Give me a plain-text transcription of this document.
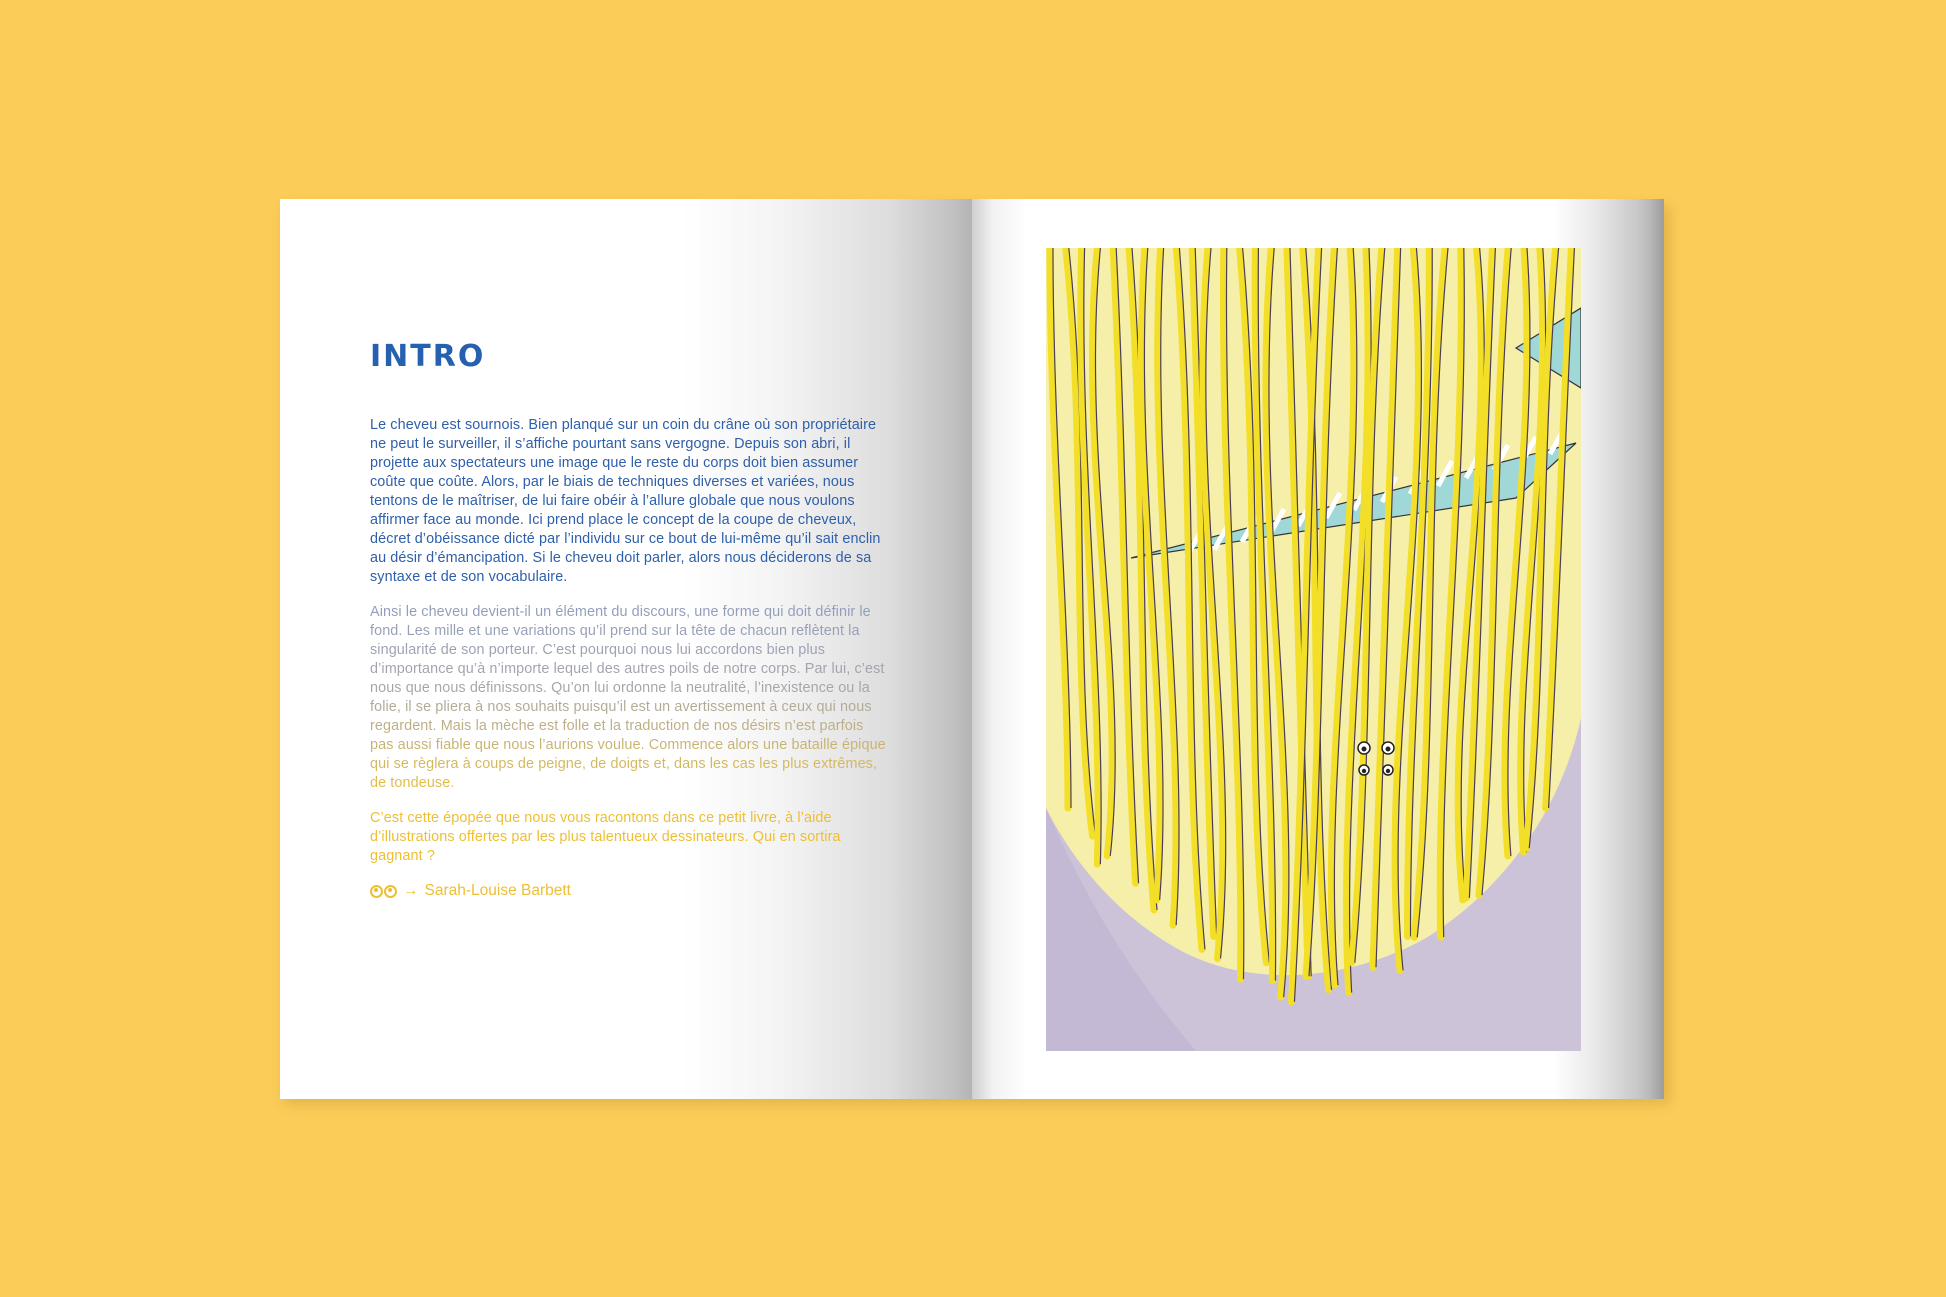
INTRO

Le cheveu est sournois. Bien planqué sur un coin du crâne où son propriétaire ne peut le surveiller, il s’affiche pourtant sans vergogne. Depuis son abri, il projette aux spectateurs une image que le reste du corps doit bien assumer coûte que coûte. Alors, par le biais de techniques diverses et variées, nous tentons de le maîtriser, de lui faire obéir à l’allure globale que nous voulons affirmer face au monde. Ici prend place le concept de la coupe de cheveux, décret d’obéissance dicté par l’individu sur ce bout de lui-même qu’il sait enclin au désir d’émancipation. Si le cheveu doit parler, alors nous déciderons de sa syntaxe et de son vocabulaire.

Ainsi le cheveu devient-il un élément du discours, une forme qui doit définir le fond. Les mille et une variations qu’il prend sur la tête de chacun reflètent la singularité de son porteur. C’est pourquoi nous lui accordons bien plus d’importance qu’à n’importe lequel des autres poils de notre corps. Par lui, c’est nous que nous définissons. Qu’on lui ordonne la neutralité, l’inexistence ou la folie, il se pliera à nos souhaits puisqu’il est un avertissement à ceux qui nous regardent. Mais la mèche est folle et la traduction de nos désirs n’est parfois pas aussi fiable que nous l’aurions voulue. Commence alors une bataille épique qui se règlera à coups de peigne, de doigts et, dans les cas les plus extrêmes, de tondeuse.

C’est cette épopée que nous vous racontons dans ce petit livre, à l’aide d’illustrations offertes par les plus talentueux dessinateurs. Qui en sortira gagnant ?

→ Sarah-Louise Barbett
